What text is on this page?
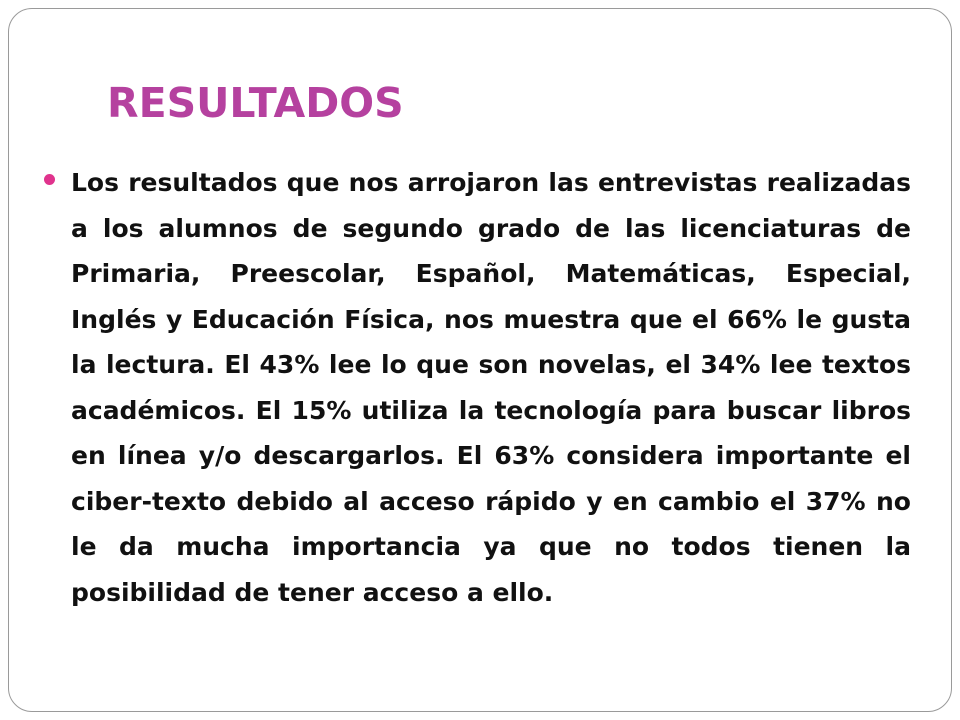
RESULTADOS

Los resultados que nos arrojaron las entrevistas realizadas a los alumnos de segundo grado de las licenciaturas de Primaria, Preescolar, Español, Matemáticas, Especial, Inglés y Educación Física, nos muestra que el 66% le gusta la lectura. El 43% lee lo que son novelas, el 34% lee textos académicos. El 15% utiliza la tecnología para buscar libros en línea y/o descargarlos. El 63% considera importante el ciber-texto debido al acceso rápido y en cambio el 37% no le da mucha importancia ya que no todos tienen la posibilidad de tener acceso a ello.
